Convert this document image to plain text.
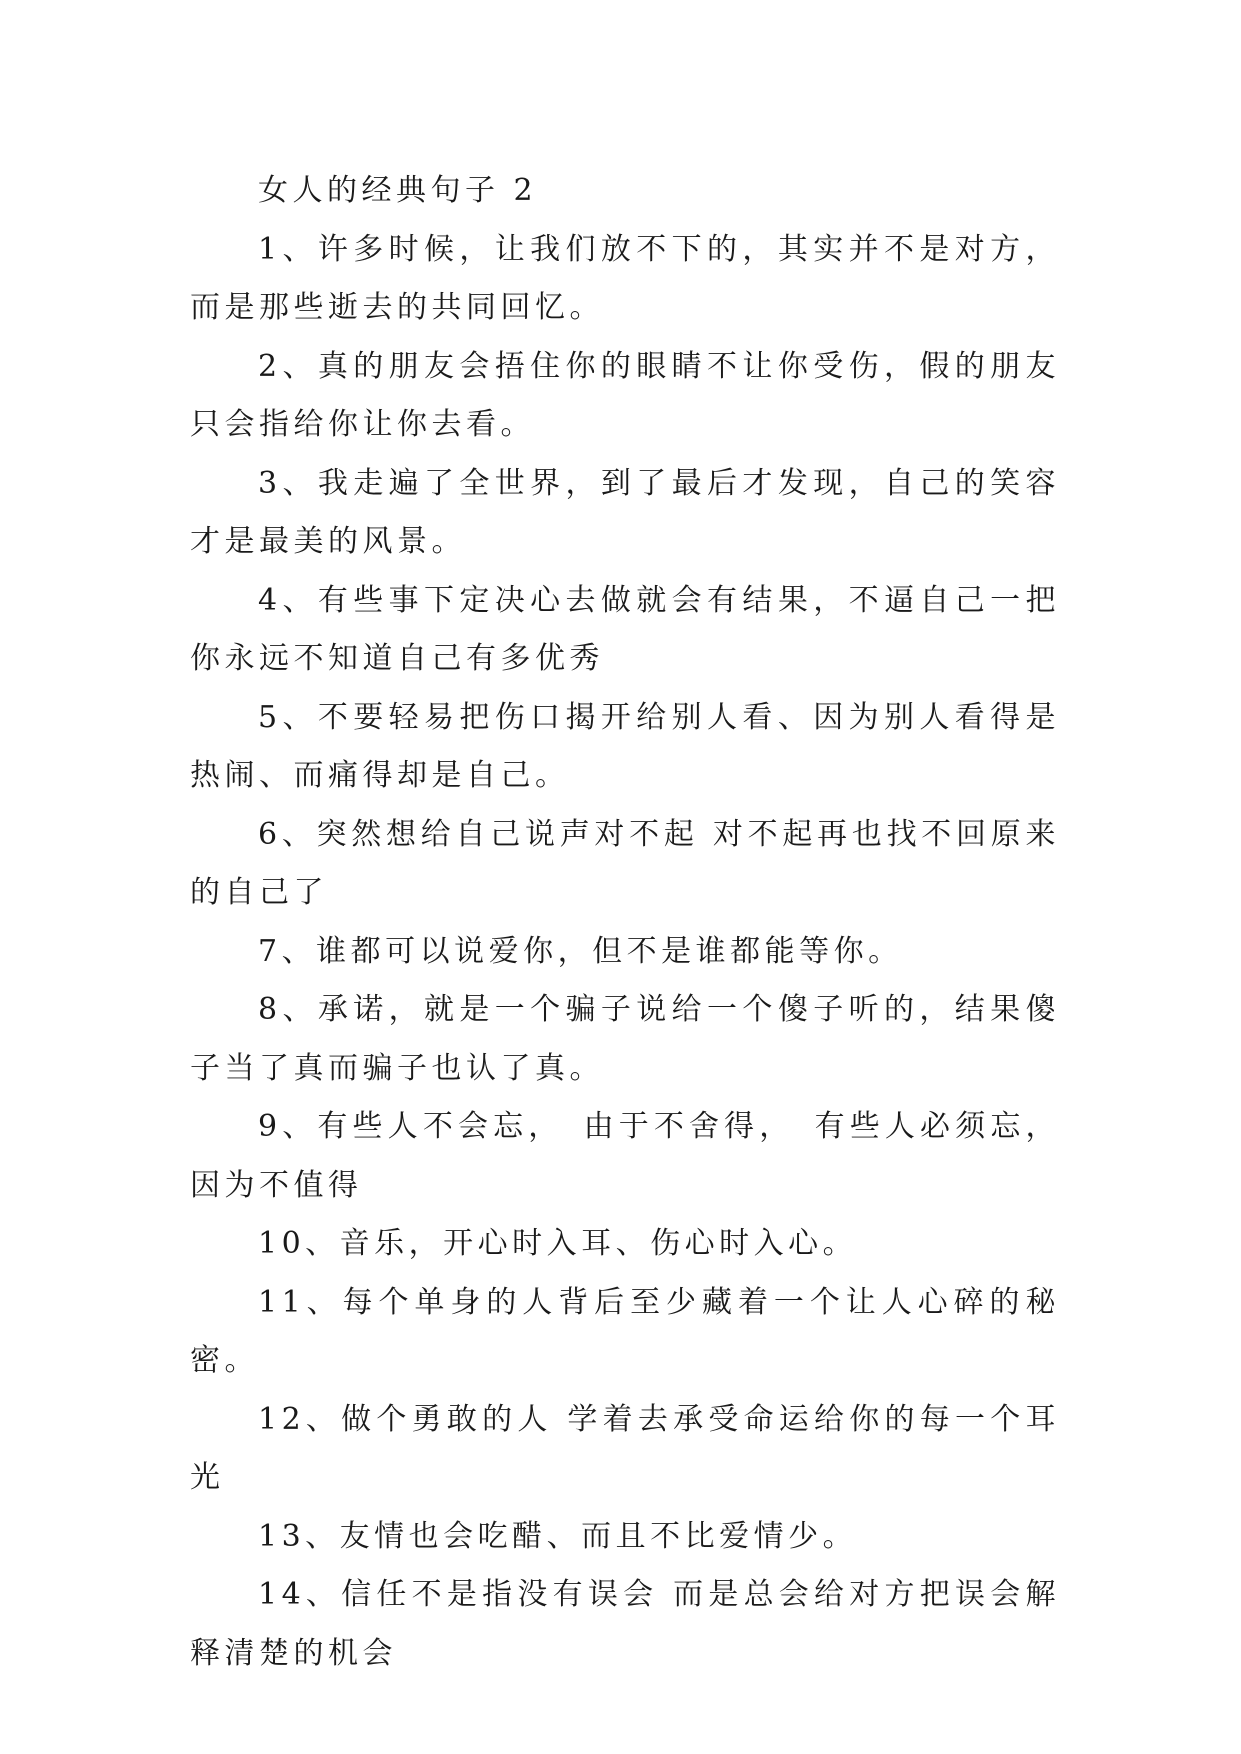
女人的经典句子 2

1、许多时候，让我们放不下的，其实并不是对方，而是那些逝去的共同回忆。

2、真的朋友会捂住你的眼睛不让你受伤，假的朋友只会指给你让你去看。

3、我走遍了全世界，到了最后才发现，自己的笑容才是最美的风景。

4、有些事下定决心去做就会有结果，不逼自己一把你永远不知道自己有多优秀

5、不要轻易把伤口揭开给别人看、因为别人看得是热闹、而痛得却是自己。

6、突然想给自己说声对不起 对不起再也找不回原来的自己了

7、谁都可以说爱你，但不是谁都能等你。

8、承诺，就是一个骗子说给一个傻子听的，结果傻子当了真而骗子也认了真。

9、有些人不会忘，　由于不舍得，　有些人必须忘，因为不值得

10、音乐，开心时入耳、伤心时入心。

11、每个单身的人背后至少藏着一个让人心碎的秘密。

12、做个勇敢的人 学着去承受命运给你的每一个耳光

13、友情也会吃醋、而且不比爱情少。

14、信任不是指没有误会 而是总会给对方把误会解释清楚的机会
